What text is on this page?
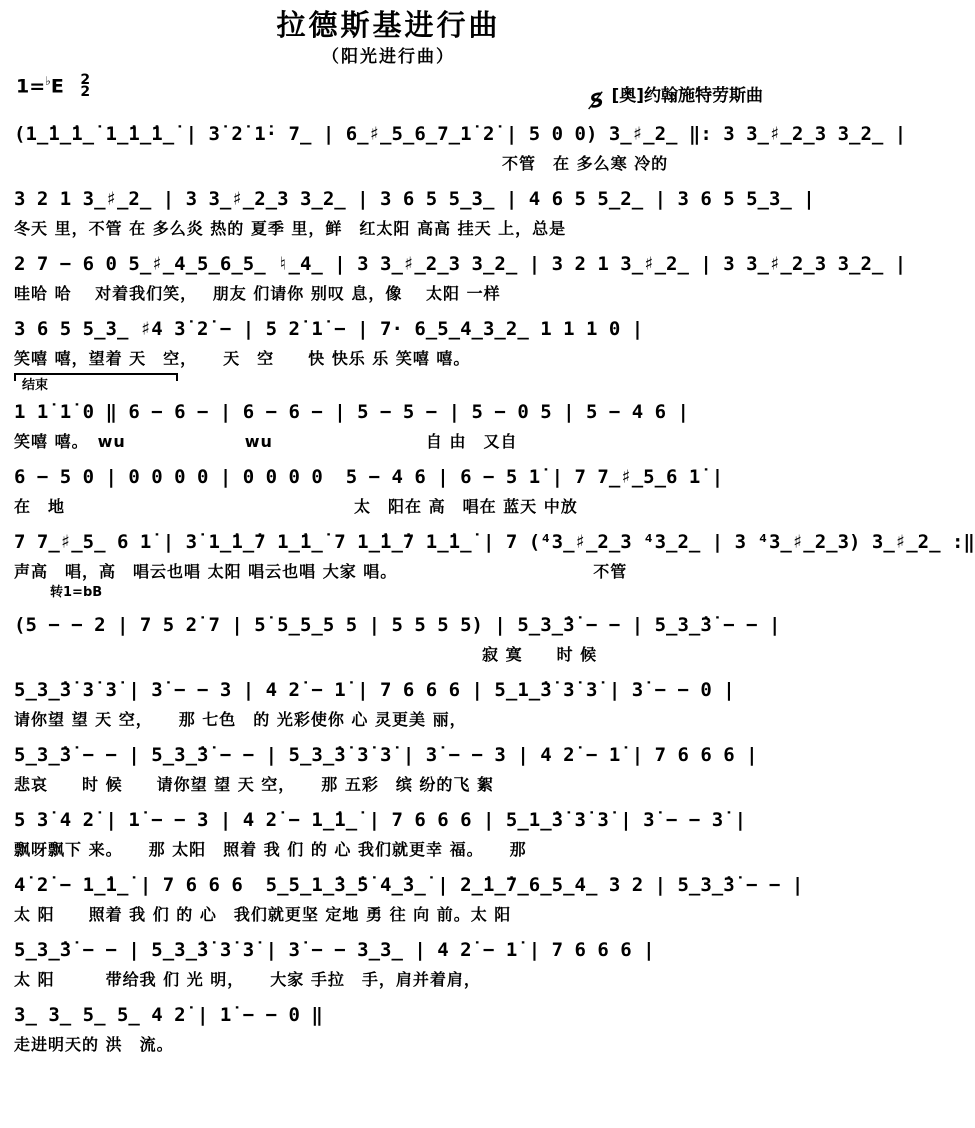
拉德斯基进行曲
（阳光进行曲）
1=♭E 2
2	S̸ [奥]约翰施特劳斯曲
(1̲̇1̲̇1̲̇ 1̲̇1̲̇1̲̇ | 3̇ 2̇ 1̇· 7̲ | 6̲♯̲5̲6̲7̲1̇ 2̇ | 5 0 0) 3̲♯̲2̲ ‖: 3 3̲♯̲2̲3 3̲2̲ |
不管　在 多么寒 冷的
3 2 1 3̲♯̲2̲ | 3 3̲♯̲2̲3 3̲2̲ | 3 6 5 5̲3̲ | 4 6 5 5̲2̲ | 3 6 5 5̲3̲ |
冬天 里，不管 在 多么炎 热的 夏季 里，鲜　红太阳 高高 挂天 上，总是
2 7 − 6 0 5̲♯̲4̲5̲6̲5̲ ♮̲4̲ | 3 3̲♯̲2̲3 3̲2̲ | 3 2 1 3̲♯̲2̲ | 3 3̲♯̲2̲3 3̲2̲ |
哇哈 哈　 对着我们笑，　 朋友 们请你 别叹 息，像　 太阳 一样
3 6 5 5̲3̲ ♯4 3̇ 2̇ − | 5 2̇ 1̇ − | 7· 6̲5̲4̲3̲2̲ 1 1 1 0 |
笑嘻 嘻，望着 天　空，　　天　空　　快 快乐 乐 笑嘻 嘻。
结束
1 1̇ 1̇ 0 ‖ 6 − 6 − | 6 − 6 − | 5 − 5 − | 5 − 0 5 | 5 − 4 6 |
笑嘻 嘻。　wu　　　　　　　wu　　　　　　　　　自 由　又自
6 − 5 0 | 0 0 0 0 | 0 0 0 0  5 − 4 6 | 6 − 5 1̇ | 7 7̲♯̲5̲6 1̇ |
在　地　　　　　　　　　　　　　　　　　太　阳在 高　唱在 蓝天 中放
7 7̲♯̲5̲ 6 1̇ | 3̇ 1̲̇1̲̇7 1̲̇1̲̇ 7 1̲̇1̲̇7 1̲̇1̲̇ | 7 (⁴3̲♯̲2̲3 ⁴3̲2̲ | 3 ⁴3̲♯̲2̲3) 3̲♯̲2̲ :‖
声高　唱，高　唱云也唱 太阳 唱云也唱 大家 唱。　　　　　　　　　　　　不管
转1=bB
(5 − − 2 | 7 5 2̇ 7 | 5̇ 5̲5̲5 5 | 5 5 5 5) | 5̲3̲̇3̇ − − | 5̲3̲̇3̇ − − |
寂 寞　　时 候
5̲3̲̇3̇ 3̇ 3̇ | 3̇ − − 3 | 4 2̇ − 1̇ | 7 6 6 6 | 5̲1̲̇3̇ 3̇ 3̇ | 3̇ − − 0 |
请你望 望 天 空，　　那 七色　的 光彩使你 心 灵更美 丽，
5̲3̲̇3̇ − − | 5̲3̲̇3̇ − − | 5̲3̲̇3̇ 3̇ 3̇ | 3̇ − − 3 | 4 2̇ − 1̇ | 7 6 6 6 |
悲哀　　时 候　　请你望 望 天 空，　　那 五彩　缤 纷的飞 絮
5 3̇ 4 2̇ | 1̇ − − 3 | 4 2̇ − 1̲̇1̲̇ | 7 6 6 6 | 5̲1̲̇3̇ 3̇ 3̇ | 3̇ − − 3̇ |
飘呀飘下 来。　　那 太阳　照着 我 们 的 心 我们就更幸 福。　　那
4̇ 2̇ − 1̲̇1̲̇ | 7 6 6 6  5̲5̲1̲̇3̲̇5̇ 4̲̇3̲̇ | 2̲̇1̲̇7̲6̲5̲4̲ 3 2 | 5̲3̲̇3̇ − − |
太 阳　　照着 我 们 的 心　我们就更坚 定地 勇 往 向 前。太 阳
5̲3̲̇3̇ − − | 5̲3̲̇3̇ 3̇ 3̇ | 3̇ − − 3̲3̲ | 4 2̇ − 1̇ | 7 6 6 6 |
太 阳　　　带给我 们 光 明，　　大家 手拉　手，肩并着肩，
3̲ 3̲ 5̲ 5̲ 4 2̇ | 1̇ − − 0 ‖
走进明天的 洪　流。
